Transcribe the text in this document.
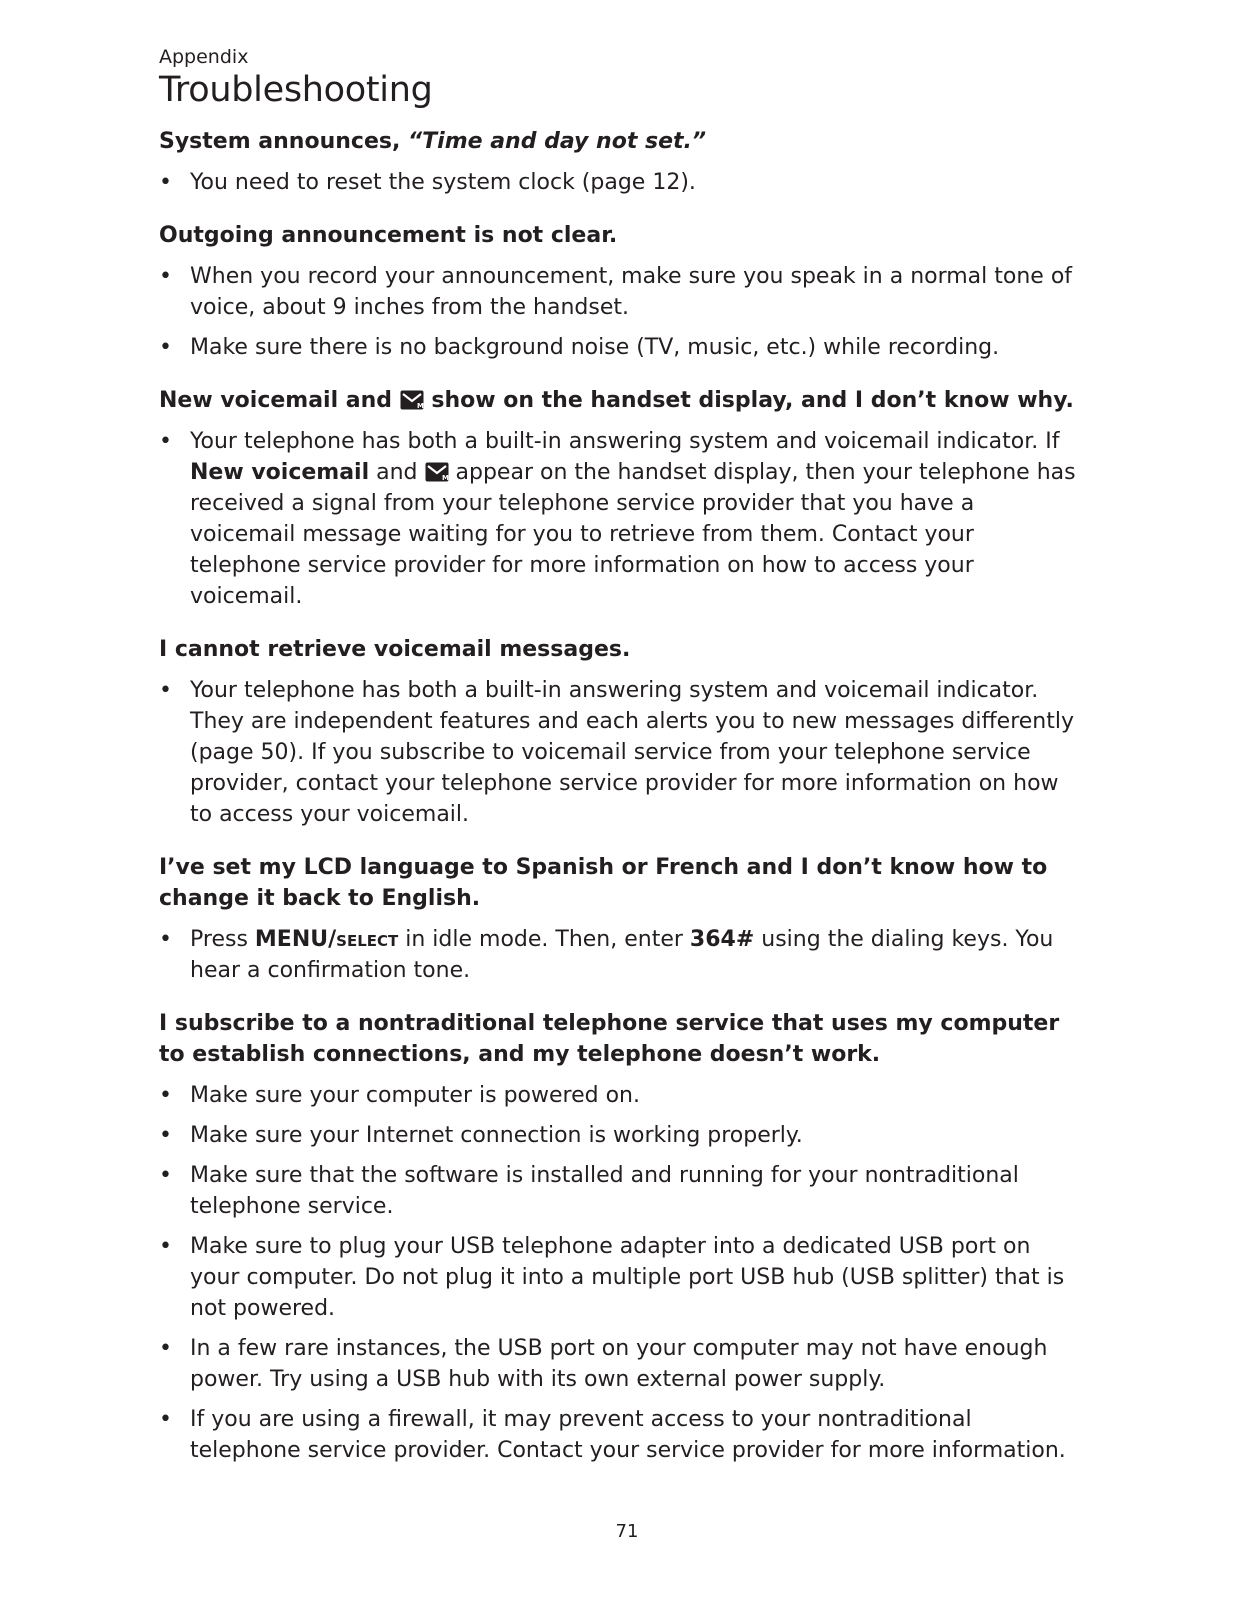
Appendix

Troubleshooting

System announces, “Time and day not set.”

• You need to reset the system clock (page 12).

Outgoing announcement is not clear.

• When you record your announcement, make sure you speak in a normal tone of voice, about 9 inches from the handset.
• Make sure there is no background noise (TV, music, etc.) while recording.

New voicemail and M show on the handset display, and I don’t know why.

• Your telephone has both a built-in answering system and voicemail indicator. If New voicemail and M appear on the handset display, then your telephone has received a signal from your telephone service provider that you have a voicemail message waiting for you to retrieve from them. Contact your telephone service provider for more information on how to access your voicemail.

I cannot retrieve voicemail messages.

• Your telephone has both a built-in answering system and voicemail indicator. They are independent features and each alerts you to new messages differently (page 50). If you subscribe to voicemail service from your telephone service provider, contact your telephone service provider for more information on how to access your voicemail.

I’ve set my LCD language to Spanish or French and I don’t know how to change it back to English.

• Press MENU/select in idle mode. Then, enter 364# using the dialing keys. You hear a confirmation tone.

I subscribe to a nontraditional telephone service that uses my computer to establish connections, and my telephone doesn’t work.

• Make sure your computer is powered on.
• Make sure your Internet connection is working properly.
• Make sure that the software is installed and running for your nontraditional telephone service.
• Make sure to plug your USB telephone adapter into a dedicated USB port on your computer. Do not plug it into a multiple port USB hub (USB splitter) that is not powered.
• In a few rare instances, the USB port on your computer may not have enough power. Try using a USB hub with its own external power supply.
• If you are using a firewall, it may prevent access to your nontraditional telephone service provider. Contact your service provider for more information.
71
